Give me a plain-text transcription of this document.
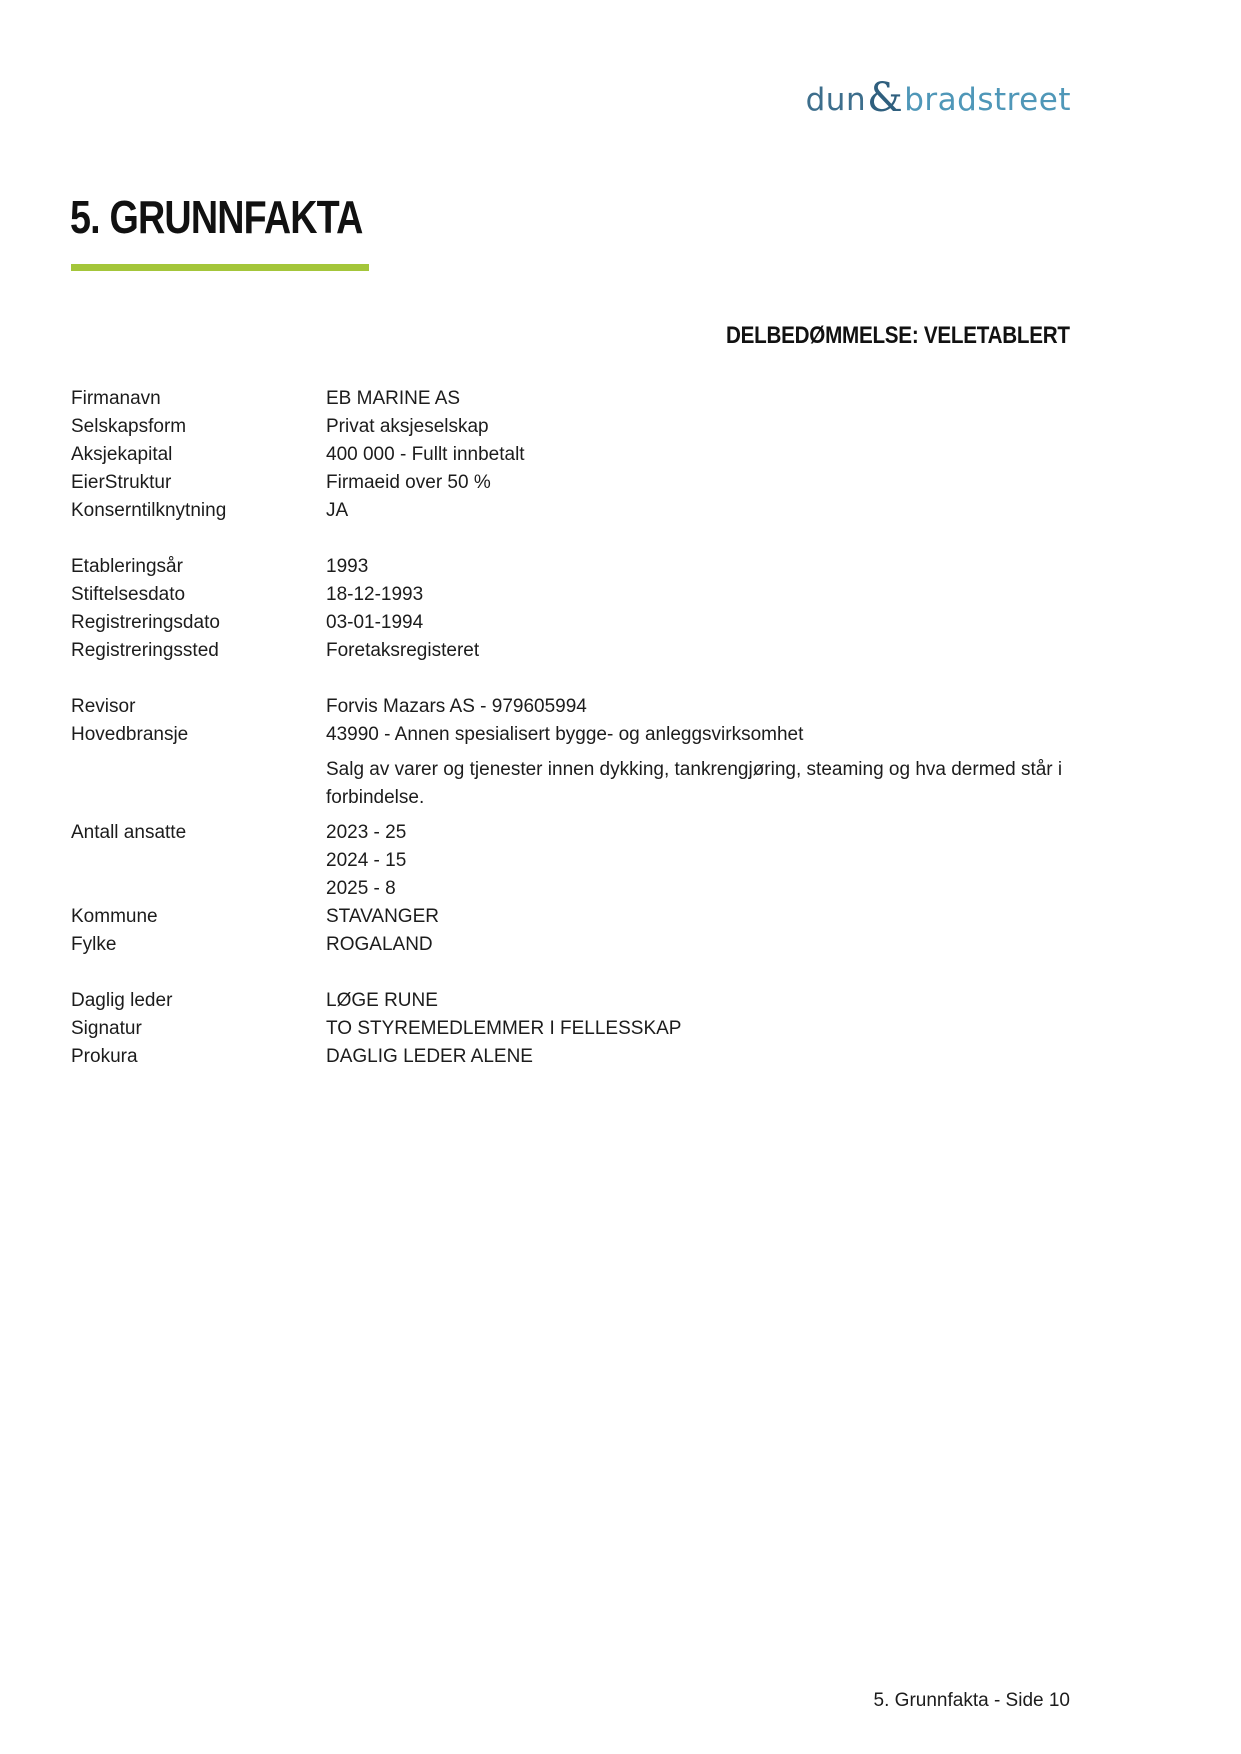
dun & bradstreet
5. GRUNNFAKTA
DELBEDØMMELSE: VELETABLERT
Firmanavn	EB MARINE AS
Selskapsform	Privat aksjeselskap
Aksjekapital	400 000 - Fullt innbetalt
EierStruktur	Firmaeid over 50 %
Konserntilknytning	JA
Etableringsår	1993
Stiftelsesdato	18-12-1993
Registreringsdato	03-01-1994
Registreringssted	Foretaksregisteret
Revisor	Forvis Mazars AS - 979605994
Hovedbransje	43990 - Annen spesialisert bygge- og anleggsvirksomhet
Salg av varer og tjenester innen dykking, tankrengjøring, steaming og hva dermed står i forbindelse.
Antall ansatte	2023 - 25
2024 - 15
2025 - 8
Kommune	STAVANGER
Fylke	ROGALAND
Daglig leder	LØGE RUNE
Signatur	TO STYREMEDLEMMER I FELLESSKAP
Prokura	DAGLIG LEDER ALENE
5. Grunnfakta - Side 10
